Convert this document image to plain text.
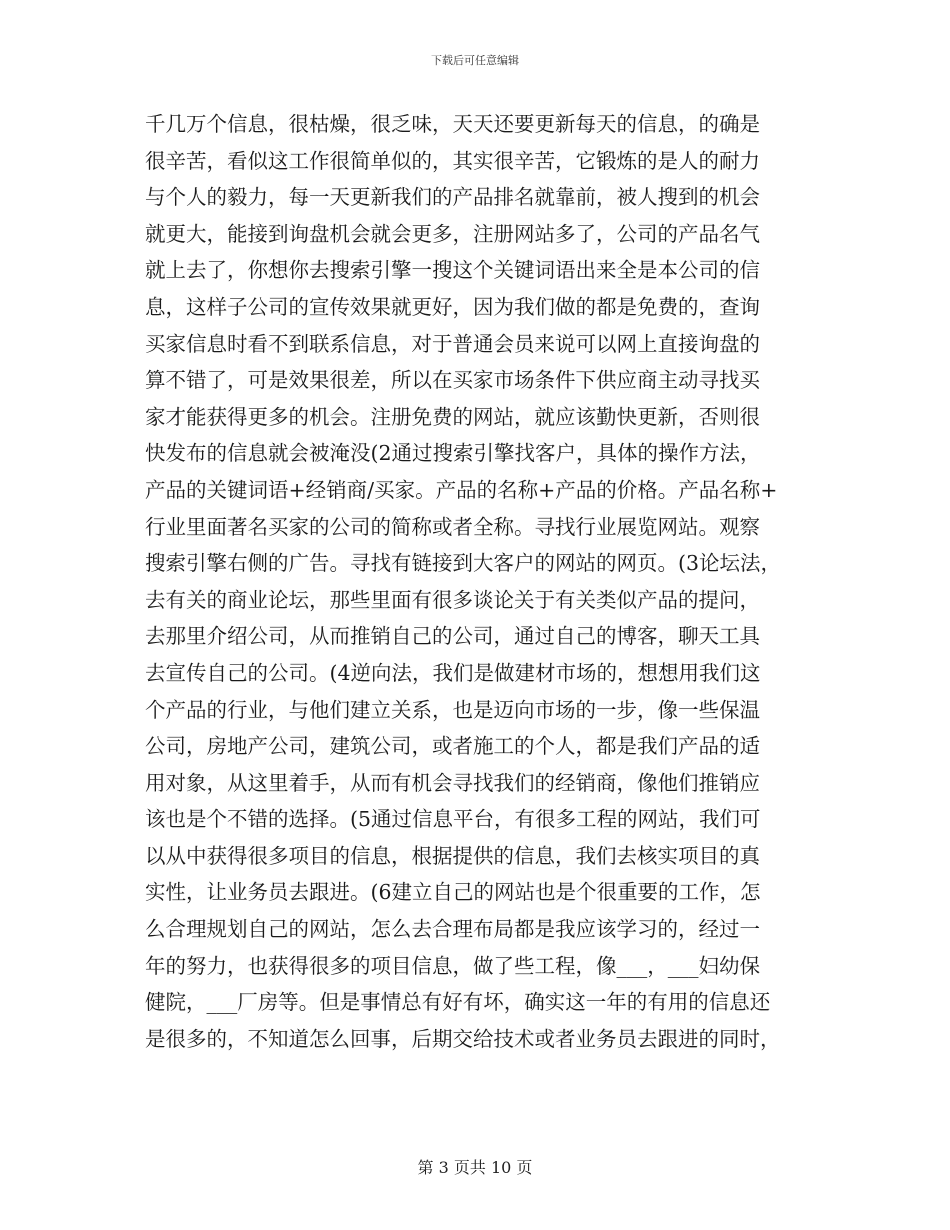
下载后可任意编辑
千几万个信息，很枯燥，很乏味，天天还要更新每天的信息，的确是
很辛苦，看似这工作很简单似的，其实很辛苦，它锻炼的是人的耐力
与个人的毅力，每一天更新我们的产品排名就靠前，被人搜到的机会
就更大，能接到询盘机会就会更多，注册网站多了，公司的产品名气
就上去了，你想你去搜索引擎一搜这个关键词语出来全是本公司的信
息，这样子公司的宣传效果就更好，因为我们做的都是免费的，查询
买家信息时看不到联系信息，对于普通会员来说可以网上直接询盘的
算不错了，可是效果很差，所以在买家市场条件下供应商主动寻找买
家才能获得更多的机会。注册免费的网站，就应该勤快更新，否则很
快发布的信息就会被淹没(2通过搜索引擎找客户，具体的操作方法，
产品的关键词语+经销商/买家。产品的名称+产品的价格。产品名称+
行业里面著名买家的公司的简称或者全称。寻找行业展览网站。观察
搜索引擎右侧的广告。寻找有链接到大客户的网站的网页。(3论坛法，
去有关的商业论坛，那些里面有很多谈论关于有关类似产品的提问，
去那里介绍公司，从而推销自己的公司，通过自己的博客，聊天工具
去宣传自己的公司。(4逆向法，我们是做建材市场的，想想用我们这
个产品的行业，与他们建立关系，也是迈向市场的一步，像一些保温
公司，房地产公司，建筑公司，或者施工的个人，都是我们产品的适
用对象，从这里着手，从而有机会寻找我们的经销商，像他们推销应
该也是个不错的选择。(5通过信息平台，有很多工程的网站，我们可
以从中获得很多项目的信息，根据提供的信息，我们去核实项目的真
实性，让业务员去跟进。(6建立自己的网站也是个很重要的工作，怎
么合理规划自己的网站，怎么去合理布局都是我应该学习的，经过一
年的努力，也获得很多的项目信息，做了些工程，像___，___妇幼保
健院，___厂房等。但是事情总有好有坏，确实这一年的有用的信息还
是很多的，不知道怎么回事，后期交给技术或者业务员去跟进的同时，
第 3 页共 10 页
